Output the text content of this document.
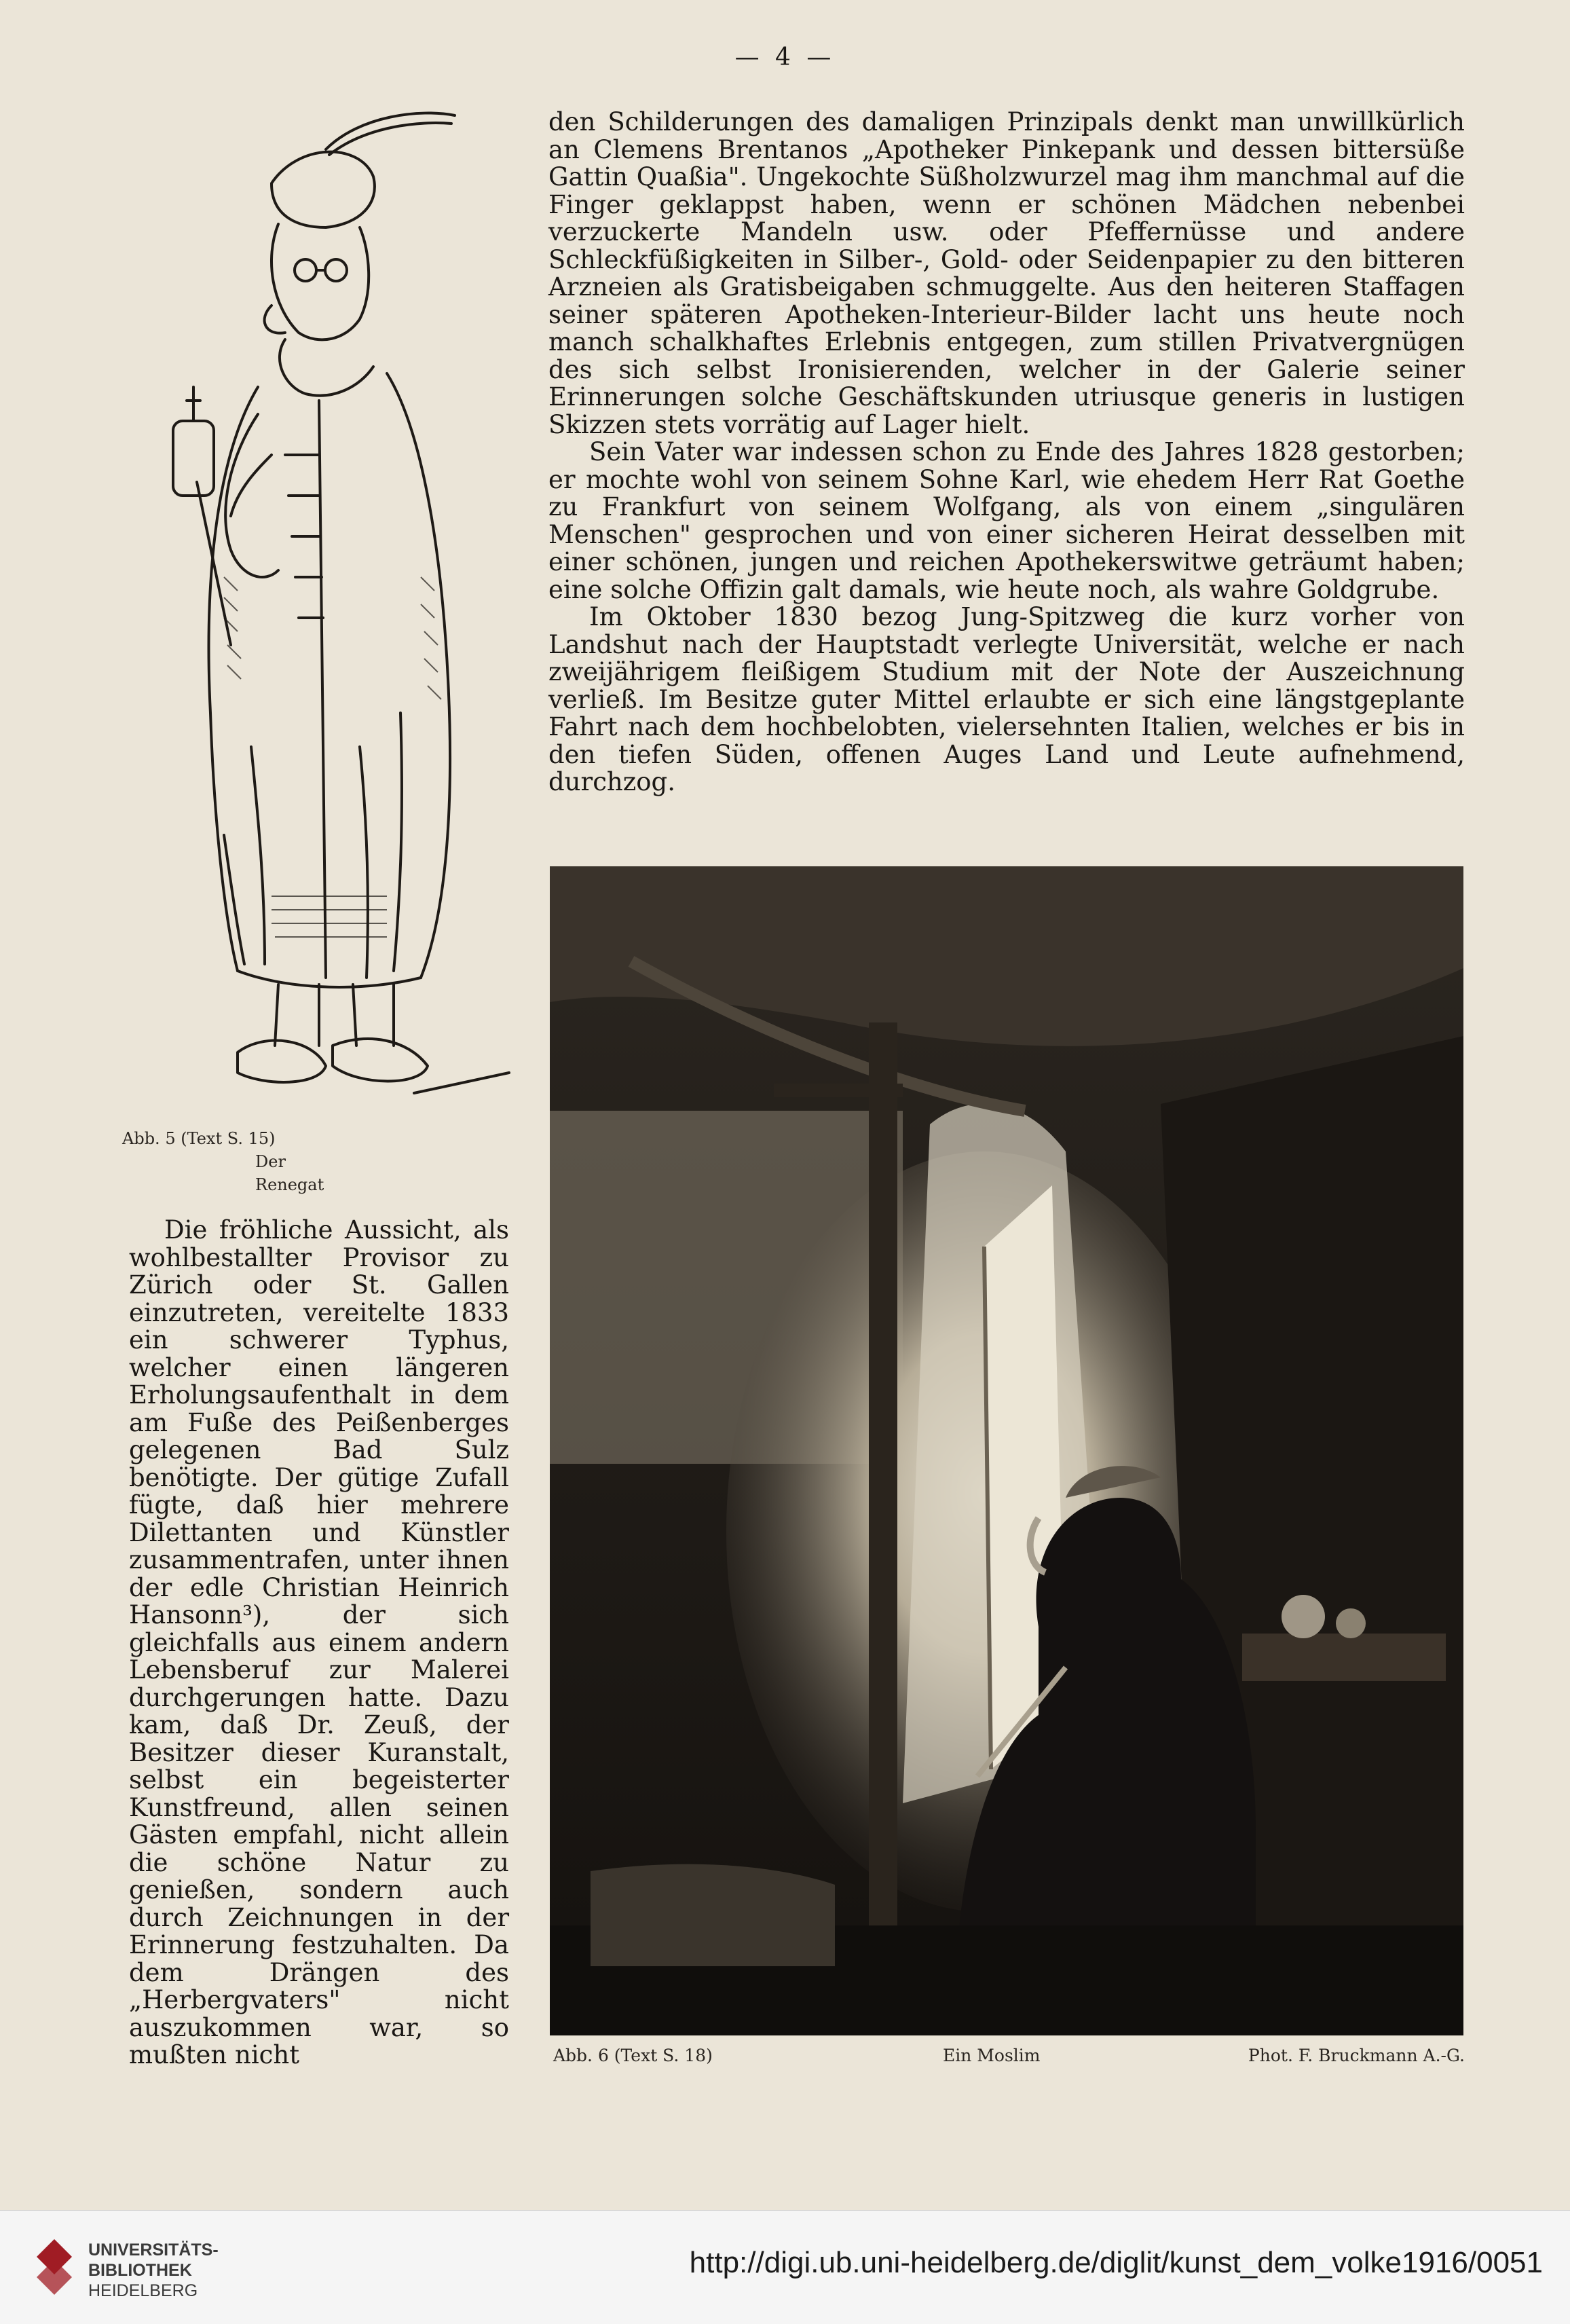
— 4 —
Abb. 5 (Text S. 15)
Der Renegat

den Schilderungen des damaligen Prinzipals denkt man unwillkürlich an Clemens Brentanos „Apotheker Pinkepank und dessen bittersüße Gattin Quaßia". Ungekochte Süßholzwurzel mag ihm manchmal auf die Finger geklappst haben, wenn er schönen Mädchen nebenbei verzuckerte Mandeln usw. oder Pfeffernüsse und andere Schleckfüßigkeiten in Silber-, Gold- oder Seidenpapier zu den bitteren Arzneien als Gratisbeigaben schmuggelte. Aus den heiteren Staffagen seiner späteren Apotheken-Interieur-Bilder lacht uns heute noch manch schalkhaftes Erlebnis entgegen, zum stillen Privatvergnügen des sich selbst Ironisierenden, welcher in der Galerie seiner Erinnerungen solche Geschäftskunden utriusque generis in lustigen Skizzen stets vorrätig auf Lager hielt.

Sein Vater war indessen schon zu Ende des Jahres 1828 gestorben; er mochte wohl von seinem Sohne Karl, wie ehedem Herr Rat Goethe zu Frankfurt von seinem Wolfgang, als von einem „singulären Menschen" gesprochen und von einer sicheren Heirat desselben mit einer schönen, jungen und reichen Apothekerswitwe geträumt haben; eine solche Offizin galt damals, wie heute noch, als wahre Goldgrube.

Im Oktober 1830 bezog Jung-Spitzweg die kurz vorher von Landshut nach der Hauptstadt verlegte Universität, welche er nach zweijährigem fleißigem Studium mit der Note der Auszeichnung verließ. Im Besitze guter Mittel erlaubte er sich eine längstgeplante Fahrt nach dem hochbelobten, vielersehnten Italien, welches er bis in den tiefen Süden, offenen Auges Land und Leute aufnehmend, durchzog.

Die fröhliche Aussicht, als wohlbestallter Provisor zu Zürich oder St. Gallen einzutreten, vereitelte 1833 ein schwerer Typhus, welcher einen längeren Erholungsaufenthalt in dem am Fuße des Peißenberges gelegenen Bad Sulz benötigte. Der gütige Zufall fügte, daß hier mehrere Dilettanten und Künstler zusammentrafen, unter ihnen der edle Christian Heinrich Hansonn³), der sich gleichfalls aus einem andern Lebensberuf zur Malerei durchgerungen hatte. Dazu kam, daß Dr. Zeuß, der Besitzer dieser Kuranstalt, selbst ein begeisterter Kunstfreund, allen seinen Gästen empfahl, nicht allein die schöne Natur zu genießen, sondern auch durch Zeichnungen in der Erinnerung festzuhalten. Da dem Drängen des „Herbergvaters" nicht auszukommen war, so mußten nicht	Abb. 6 (Text S. 18)	Ein Moslim	Phot. F. Bruckmann A.-G.
UNIVERSITÄTS-
BIBLIOTHEK
HEIDELBERG
http://digi.ub.uni-heidelberg.de/diglit/kunst_dem_volke1916/0051
